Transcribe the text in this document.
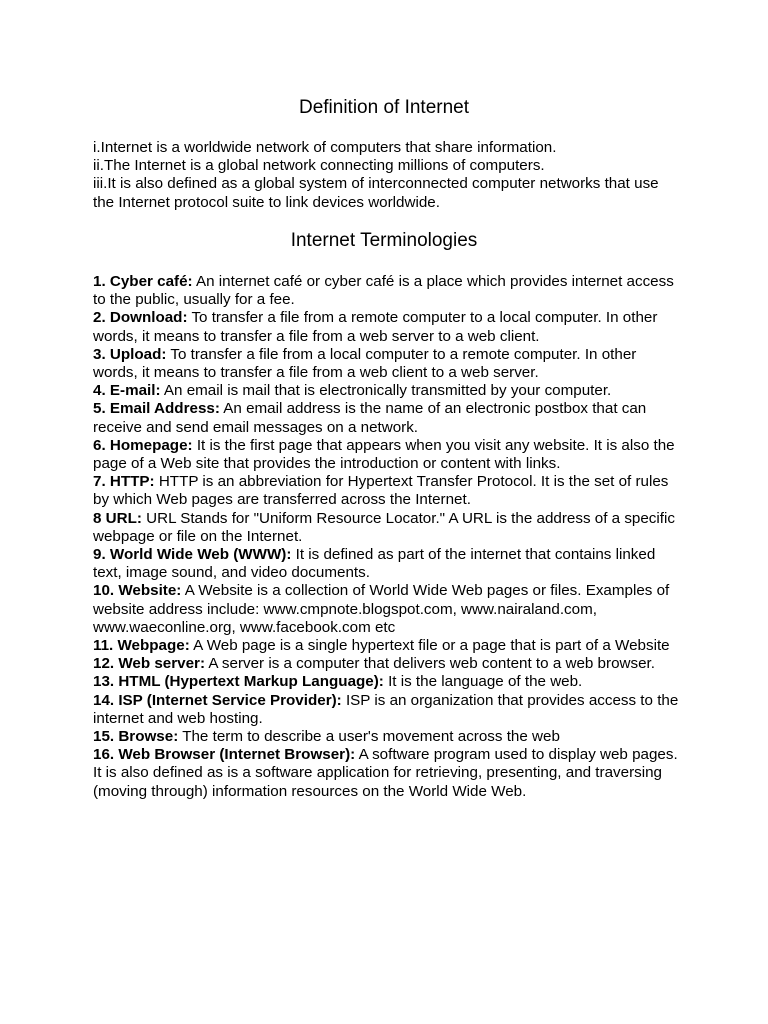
Definition of Internet

i.Internet is a worldwide network of computers that share information.

ii.The Internet is a global network connecting millions of computers.

iii.It is also defined as a global system of interconnected computer networks that use the Internet protocol suite to link devices worldwide.

Internet Terminologies

1. Cyber café: An internet café or cyber café is a place which provides internet access to the public, usually for a fee.

2. Download: To transfer a file from a remote computer to a local computer. In other words, it means to transfer a file from a web server to a web client.

3. Upload: To transfer a file from a local computer to a remote computer. In other words, it means to transfer a file from a web client to a web server.

4. E-mail: An email is mail that is electronically transmitted by your computer.

5. Email Address: An email address is the name of an electronic postbox that can receive and send email messages on a network.

6. Homepage: It is the first page that appears when you visit any website. It is also the page of a Web site that provides the introduction or content with links.

7. HTTP: HTTP is an abbreviation for Hypertext Transfer Protocol. It is the set of rules by which Web pages are transferred across the Internet.

8 URL: URL Stands for "Uniform Resource Locator." A URL is the address of a specific webpage or file on the Internet.

9. World Wide Web (WWW): It is defined as part of the internet that contains linked text, image sound, and video documents.

10. Website: A Website is a collection of World Wide Web pages or files. Examples of website address include: www.cmpnote.blogspot.com, www.nairaland.com, www.waeconline.org, www.facebook.com etc

11. Webpage: A Web page is a single hypertext file or a page that is part of a Website

12. Web server: A server is a computer that delivers web content to a web browser.

13. HTML (Hypertext Markup Language): It is the language of the web.

14. ISP (Internet Service Provider): ISP is an organization that provides access to the internet and web hosting.

15. Browse: The term to describe a user's movement across the web

16. Web Browser (Internet Browser): A software program used to display web pages. It is also defined as is a software application for retrieving, presenting, and traversing (moving through) information resources on the World Wide Web.
